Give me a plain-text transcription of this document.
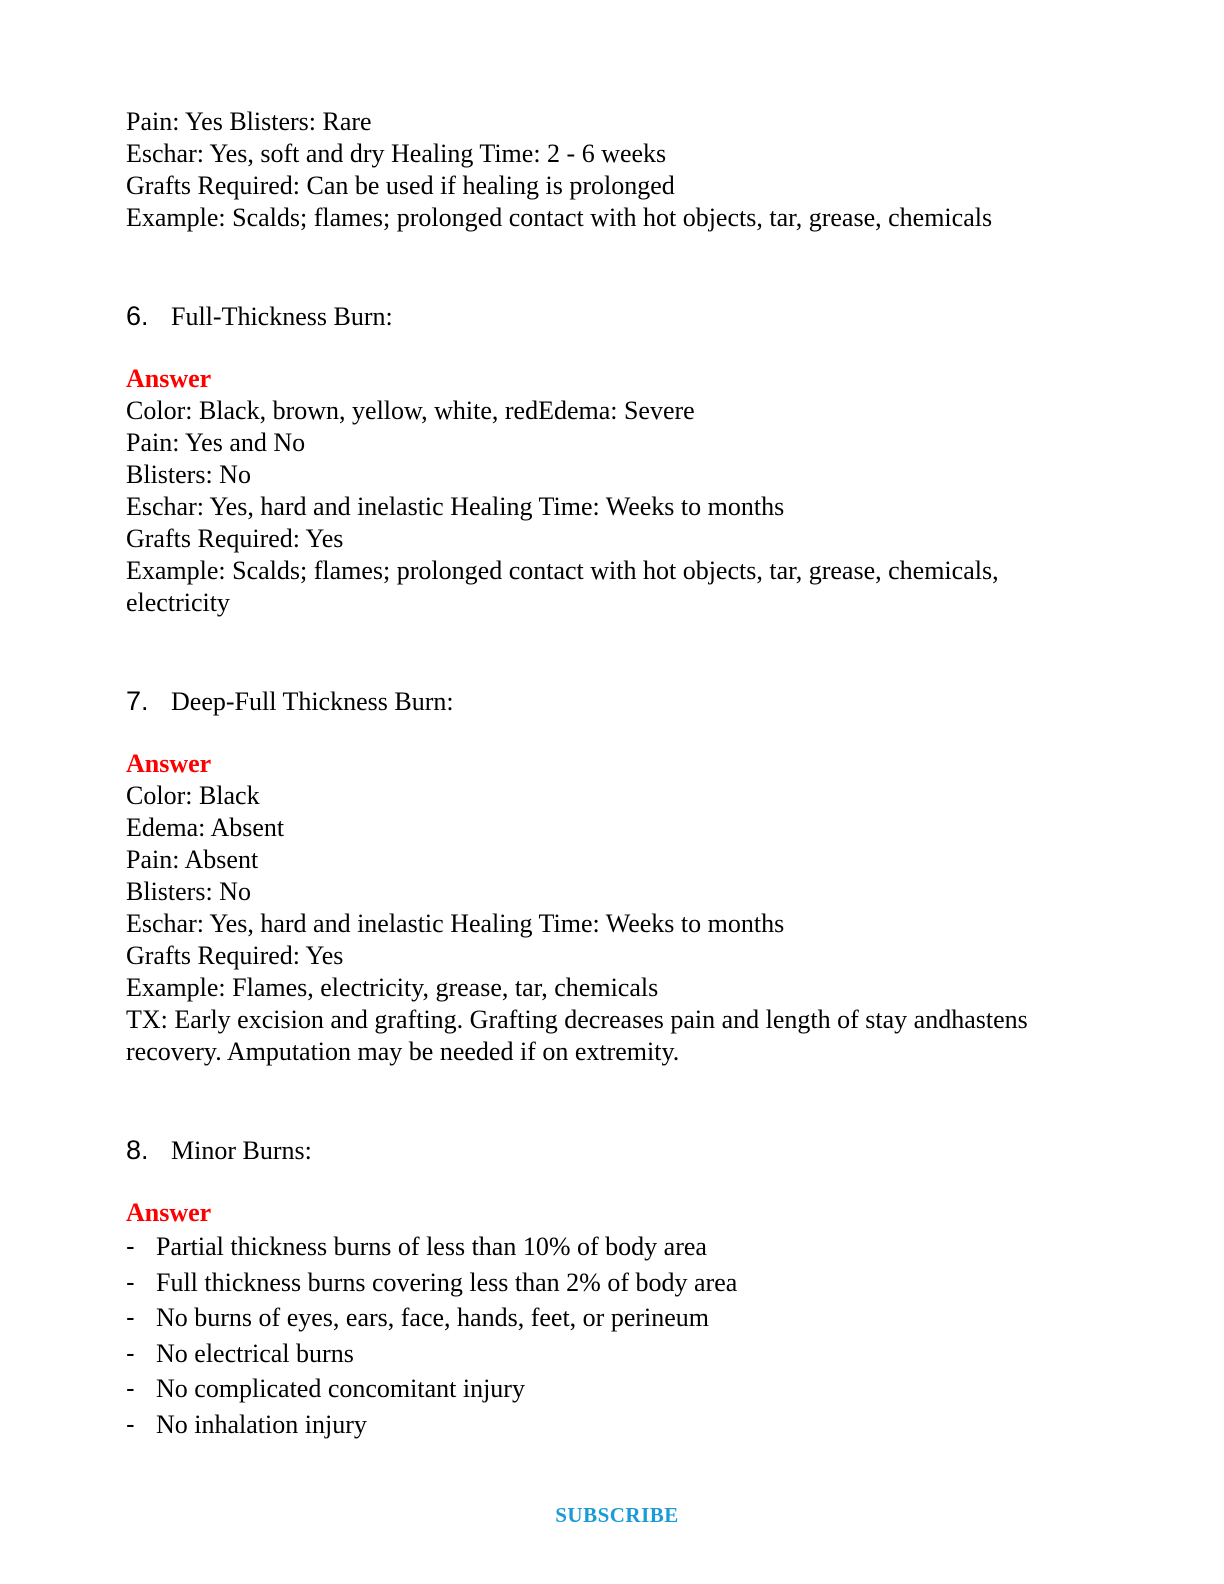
Pain: Yes Blisters: Rare
Eschar: Yes, soft and dry Healing Time: 2 - 6 weeks
Grafts Required: Can be used if healing is prolonged
Example: Scalds; flames; prolonged contact with hot objects, tar, grease, chemicals
6. Full-Thickness Burn:
Answer
Color: Black, brown, yellow, white, redEdema: Severe
Pain: Yes and No
Blisters: No
Eschar: Yes, hard and inelastic Healing Time: Weeks to months
Grafts Required: Yes
Example: Scalds; flames; prolonged contact with hot objects, tar, grease, chemicals,
electricity
7. Deep-Full Thickness Burn:
Answer
Color: Black
Edema: Absent
Pain: Absent
Blisters: No
Eschar: Yes, hard and inelastic Healing Time: Weeks to months
Grafts Required: Yes
Example: Flames, electricity, grease, tar, chemicals
TX: Early excision and grafting. Grafting decreases pain and length of stay andhastens
recovery. Amputation may be needed if on extremity.
8. Minor Burns:
Answer
- Partial thickness burns of less than 10% of body area
- Full thickness burns covering less than 2% of body area
- No burns of eyes, ears, face, hands, feet, or perineum
- No electrical burns
- No complicated concomitant injury
- No inhalation injury
SUBSCRIBE
